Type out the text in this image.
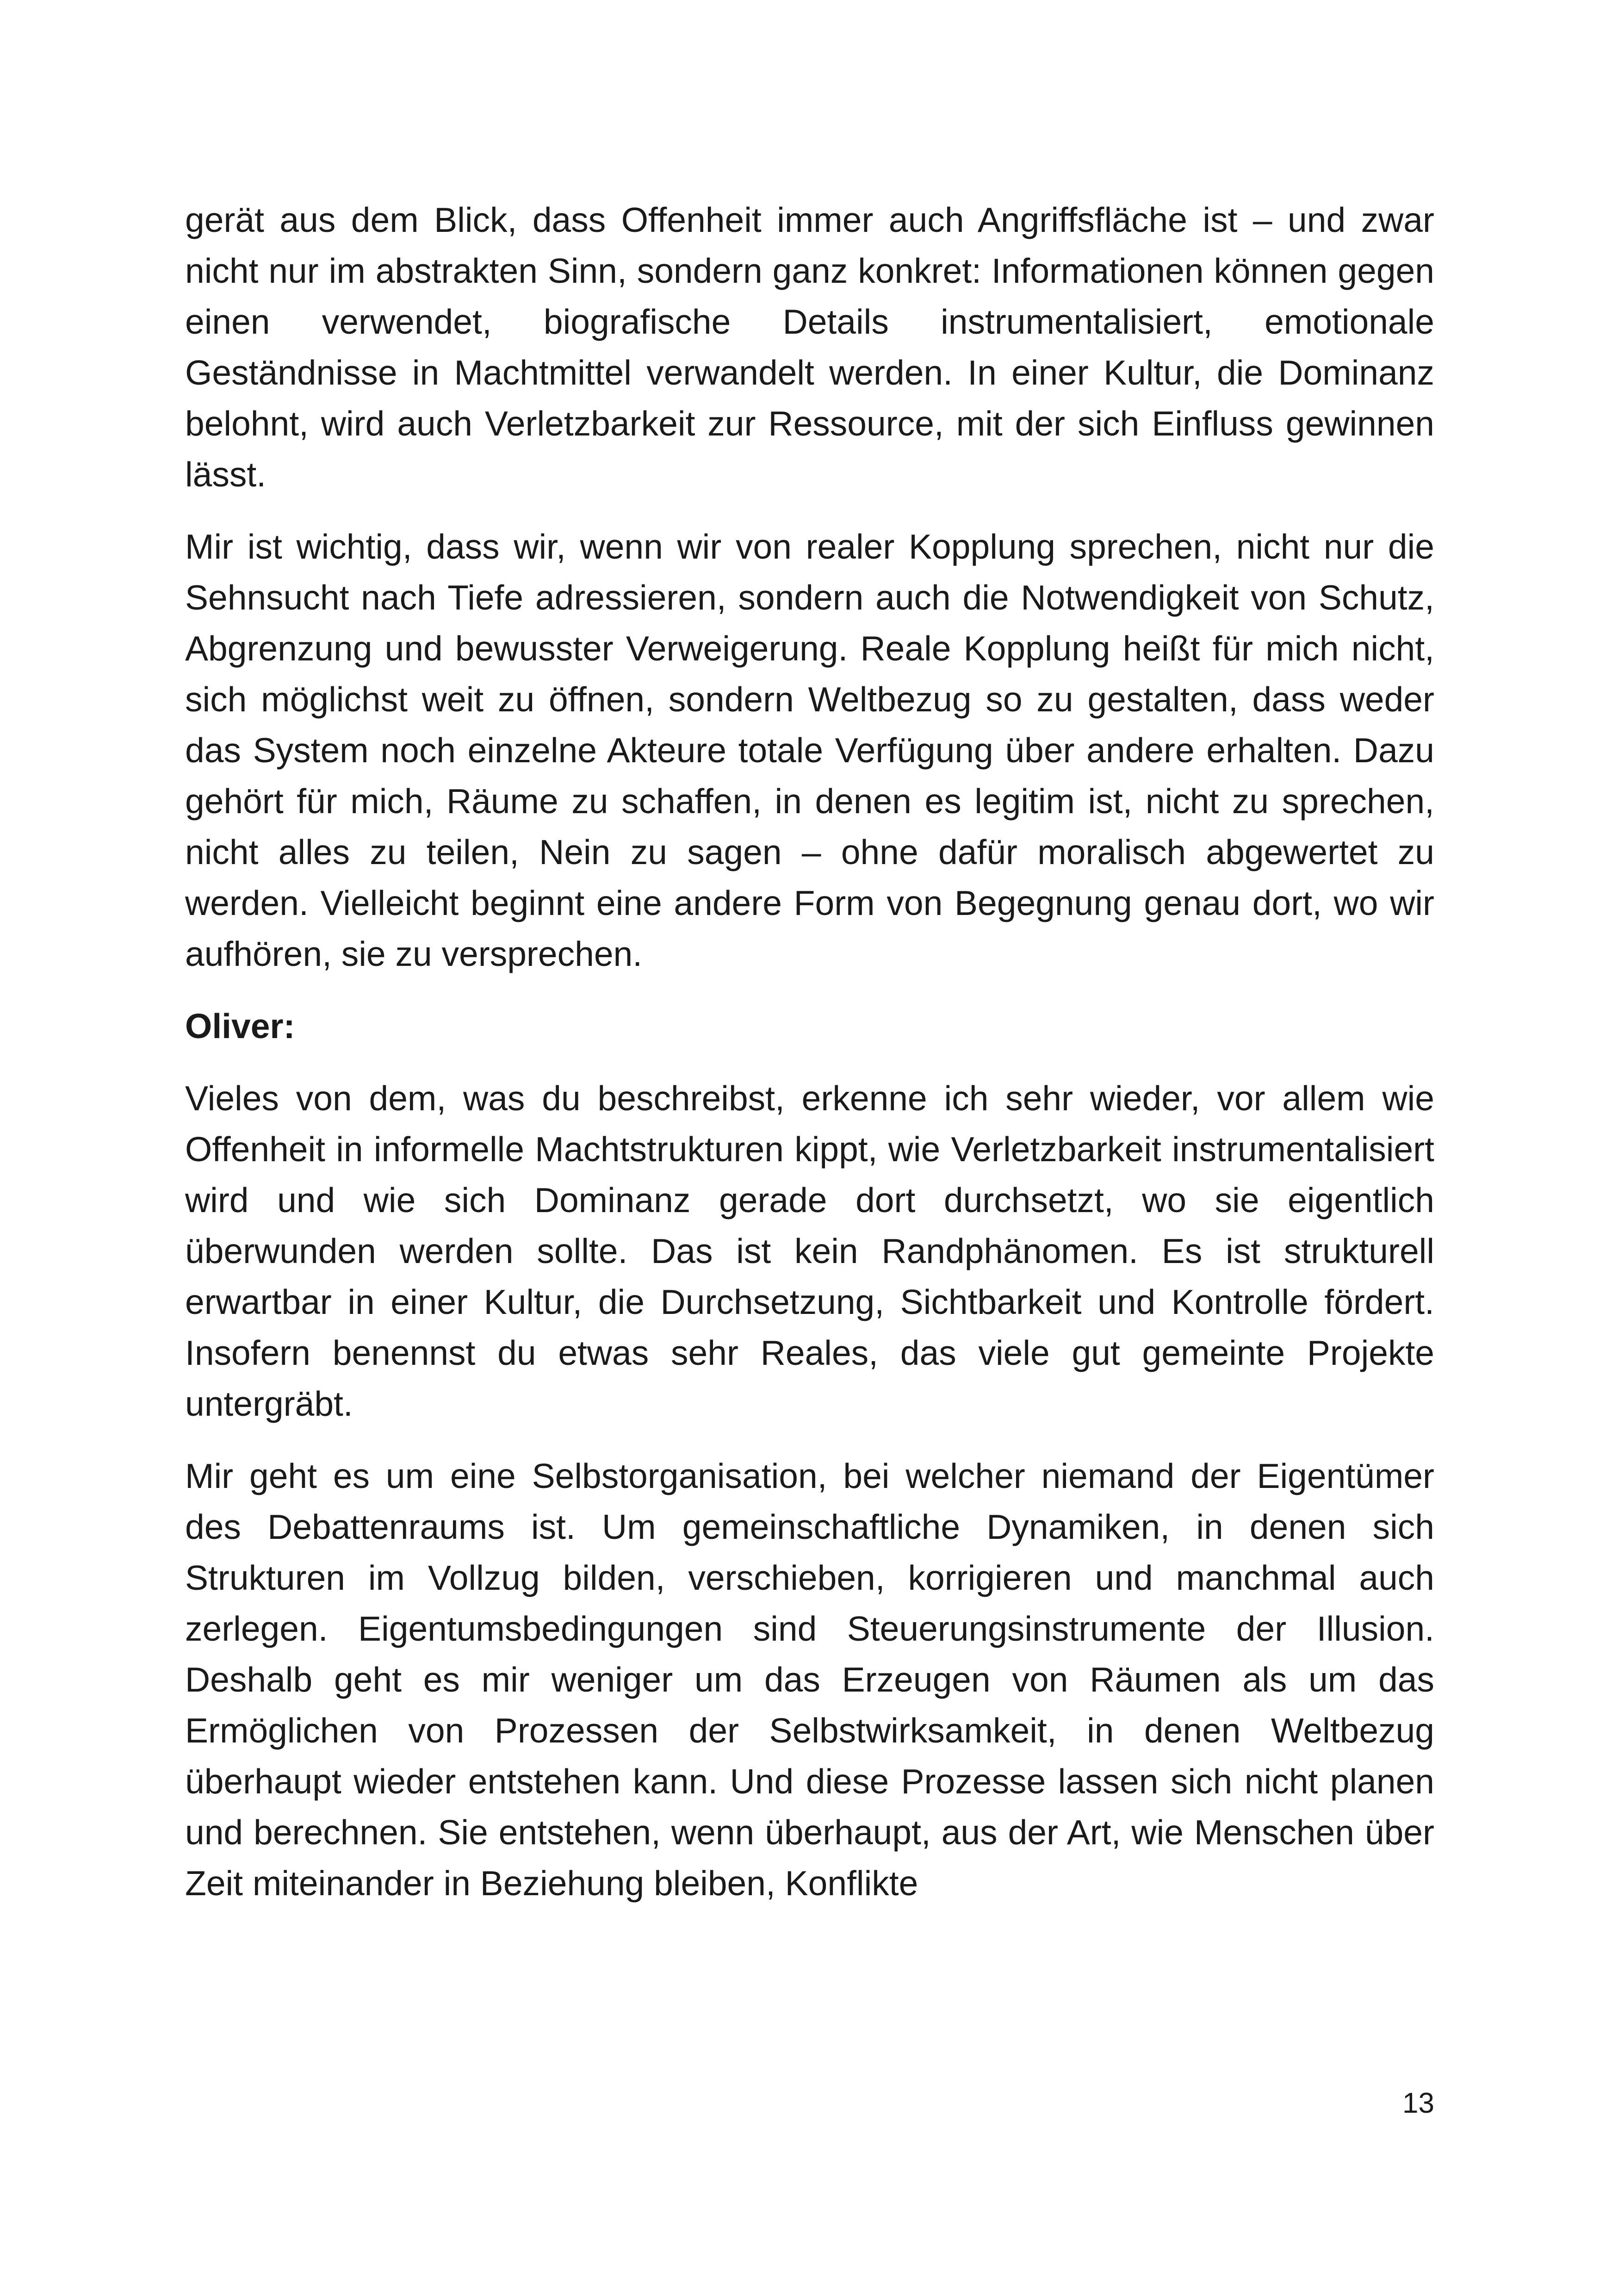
gerät aus dem Blick, dass Offenheit immer auch Angriffsfläche ist – und zwar nicht nur im abstrakten Sinn, sondern ganz konkret: Informationen können gegen einen verwendet, biografische Details instrumentalisiert, emotionale Geständnisse in Machtmittel verwandelt werden. In einer Kultur, die Dominanz belohnt, wird auch Verletzbarkeit zur Ressource, mit der sich Einfluss gewinnen lässt.

Mir ist wichtig, dass wir, wenn wir von realer Kopplung sprechen, nicht nur die Sehnsucht nach Tiefe adressieren, sondern auch die Notwendigkeit von Schutz, Abgrenzung und bewusster Verweigerung. Reale Kopplung heißt für mich nicht, sich möglichst weit zu öffnen, sondern Weltbezug so zu gestalten, dass weder das System noch einzelne Akteure totale Verfügung über andere erhalten. Dazu gehört für mich, Räume zu schaffen, in denen es legitim ist, nicht zu sprechen, nicht alles zu teilen, Nein zu sagen – ohne dafür moralisch abgewertet zu werden. Vielleicht beginnt eine andere Form von Begegnung genau dort, wo wir aufhören, sie zu versprechen.

Oliver:

Vieles von dem, was du beschreibst, erkenne ich sehr wieder, vor allem wie Offenheit in informelle Machtstrukturen kippt, wie Verletzbarkeit instrumentalisiert wird und wie sich Dominanz gerade dort durchsetzt, wo sie eigentlich überwunden werden sollte. Das ist kein Randphänomen. Es ist strukturell erwartbar in einer Kultur, die Durchsetzung, Sichtbarkeit und Kontrolle fördert. Insofern benennst du etwas sehr Reales, das viele gut gemeinte Projekte untergräbt.

Mir geht es um eine Selbstorganisation, bei welcher niemand der Eigentümer des Debattenraums ist. Um gemeinschaftliche Dynamiken, in denen sich Strukturen im Vollzug bilden, verschieben, korrigieren und manchmal auch zerlegen. Eigentumsbedingungen sind Steuerungsinstrumente der Illusion. Deshalb geht es mir weniger um das Erzeugen von Räumen als um das Ermöglichen von Prozessen der Selbstwirksamkeit, in denen Weltbezug überhaupt wieder entstehen kann. Und diese Prozesse lassen sich nicht planen und berechnen. Sie entstehen, wenn überhaupt, aus der Art, wie Menschen über Zeit miteinander in Beziehung bleiben, Konflikte

13
